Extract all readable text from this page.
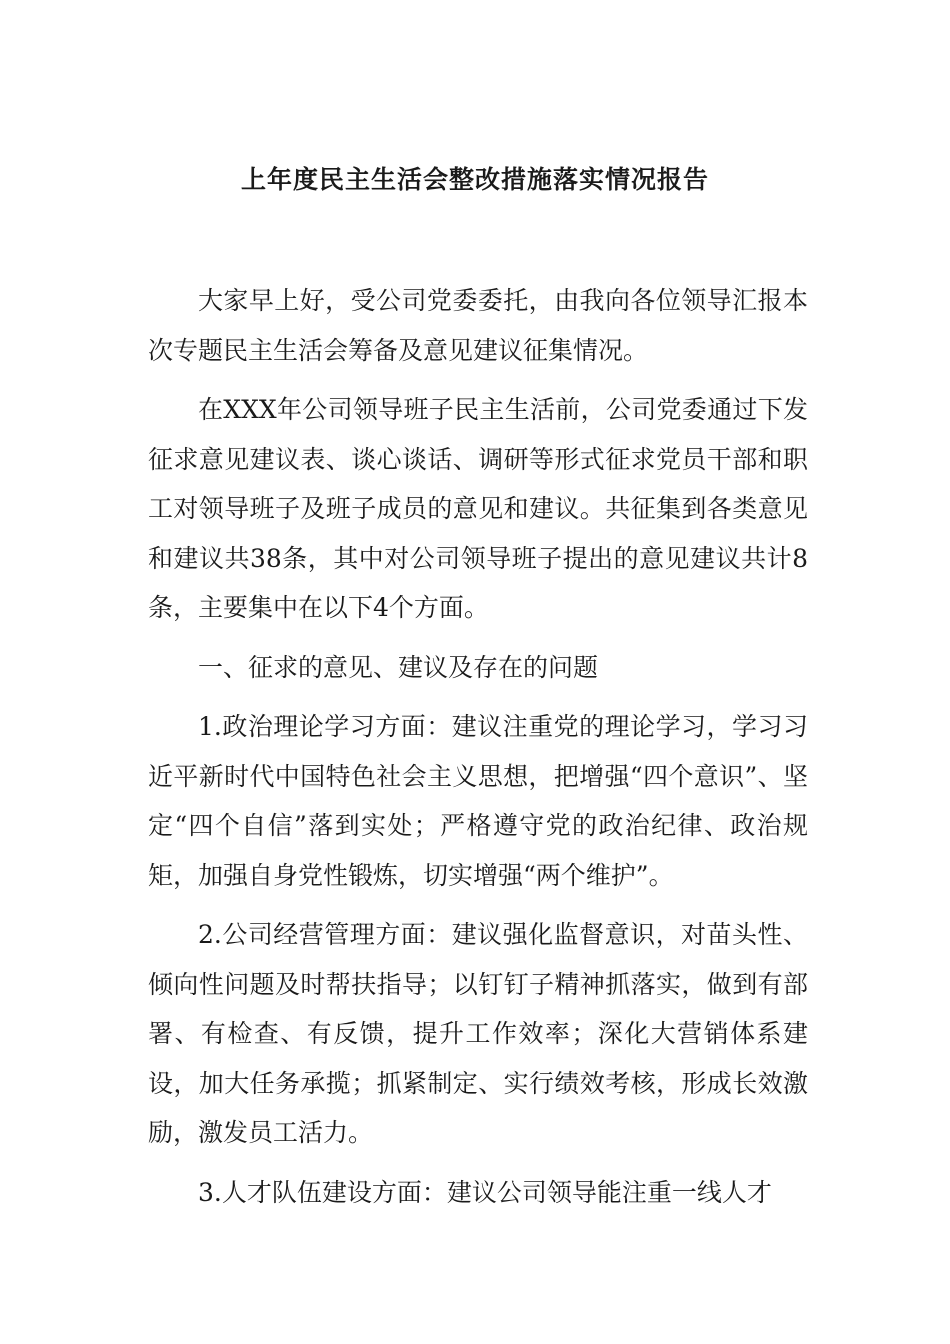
上年度民主生活会整改措施落实情况报告

大家早上好，受公司党委委托，由我向各位领导汇报本次专题民主生活会筹备及意见建议征集情况。

在XXX年公司领导班子民主生活前，公司党委通过下发征求意见建议表、谈心谈话、调研等形式征求党员干部和职工对领导班子及班子成员的意见和建议。共征集到各类意见和建议共38条，其中对公司领导班子提出的意见建议共计8条，主要集中在以下4个方面。

一、征求的意见、建议及存在的问题

1.政治理论学习方面：建议注重党的理论学习，学习习近平新时代中国特色社会主义思想，把增强“四个意识”、坚定“四个自信”落到实处；严格遵守党的政治纪律、政治规矩，加强自身党性锻炼，切实增强“两个维护”。

2.公司经营管理方面：建议强化监督意识，对苗头性、倾向性问题及时帮扶指导；以钉钉子精神抓落实，做到有部署、有检查、有反馈，提升工作效率；深化大营销体系建设，加大任务承揽；抓紧制定、实行绩效考核，形成长效激励，激发员工活力。

3.人才队伍建设方面：建议公司领导能注重一线人才
